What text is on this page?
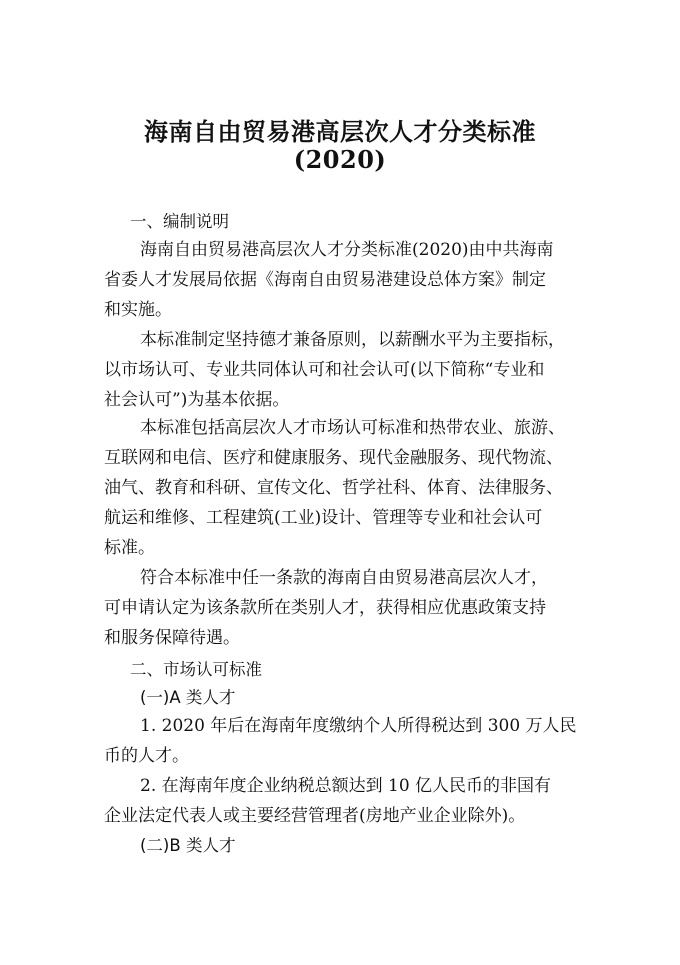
海南自由贸易港高层次人才分类标准
(2020)
一、编制说明
海南自由贸易港高层次人才分类标准(2020)由中共海南
省委人才发展局依据《海南自由贸易港建设总体方案》制定
和实施。
本标准制定坚持德才兼备原则，以薪酬水平为主要指标，
以市场认可、专业共同体认可和社会认可(以下简称“专业和
社会认可”)为基本依据。
本标准包括高层次人才市场认可标准和热带农业、旅游、
互联网和电信、医疗和健康服务、现代金融服务、现代物流、
油气、教育和科研、宣传文化、哲学社科、体育、法律服务、
航运和维修、工程建筑(工业)设计、管理等专业和社会认可
标准。
符合本标准中任一条款的海南自由贸易港高层次人才，
可申请认定为该条款所在类别人才，获得相应优惠政策支持
和服务保障待遇。
二、市场认可标准
(一)A 类人才
1. 2020 年后在海南年度缴纳个人所得税达到 300 万人民
币的人才。
2. 在海南年度企业纳税总额达到 10 亿人民币的非国有
企业法定代表人或主要经营管理者(房地产业企业除外)。
(二)B 类人才
